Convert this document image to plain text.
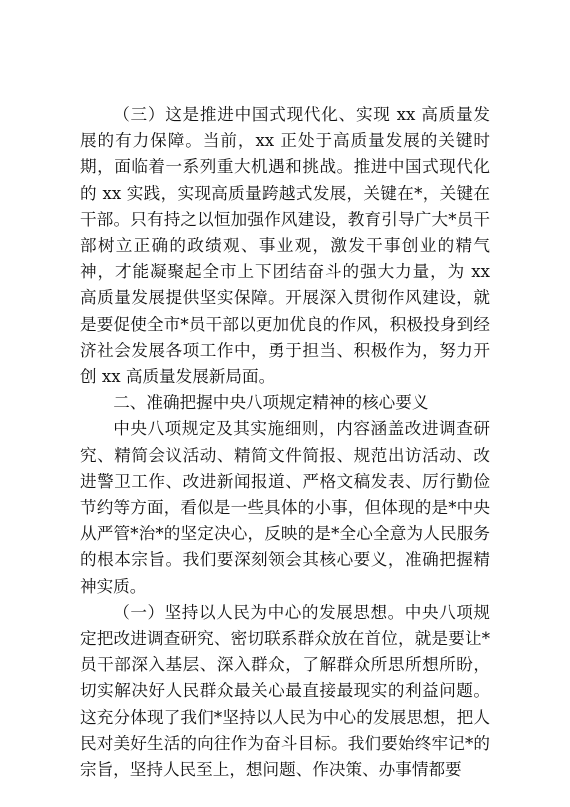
（三）这是推进中国式现代化、实现 xx 高质量发展的有力保障。当前，xx 正处于高质量发展的关键时期，面临着一系列重大机遇和挑战。推进中国式现代化的 xx 实践，实现高质量跨越式发展，关键在*，关键在干部。只有持之以恒加强作风建设，教育引导广大*员干部树立正确的政绩观、事业观，激发干事创业的精气神，才能凝聚起全市上下团结奋斗的强大力量，为 xx 高质量发展提供坚实保障。开展深入贯彻作风建设，就是要促使全市*员干部以更加优良的作风，积极投身到经济社会发展各项工作中，勇于担当、积极作为，努力开创 xx 高质量发展新局面。

二、准确把握中央八项规定精神的核心要义

中央八项规定及其实施细则，内容涵盖改进调查研究、精简会议活动、精简文件简报、规范出访活动、改进警卫工作、改进新闻报道、严格文稿发表、厉行勤俭节约等方面，看似是一些具体的小事，但体现的是*中央从严管*治*的坚定决心，反映的是*全心全意为人民服务的根本宗旨。我们要深刻领会其核心要义，准确把握精神实质。

（一）坚持以人民为中心的发展思想。中央八项规定把改进调查研究、密切联系群众放在首位，就是要让*员干部深入基层、深入群众，了解群众所思所想所盼，切实解决好人民群众最关心最直接最现实的利益问题。这充分体现了我们*坚持以人民为中心的发展思想，把人民对美好生活的向往作为奋斗目标。我们要始终牢记*的宗旨，坚持人民至上，想问题、作决策、办事情都要
